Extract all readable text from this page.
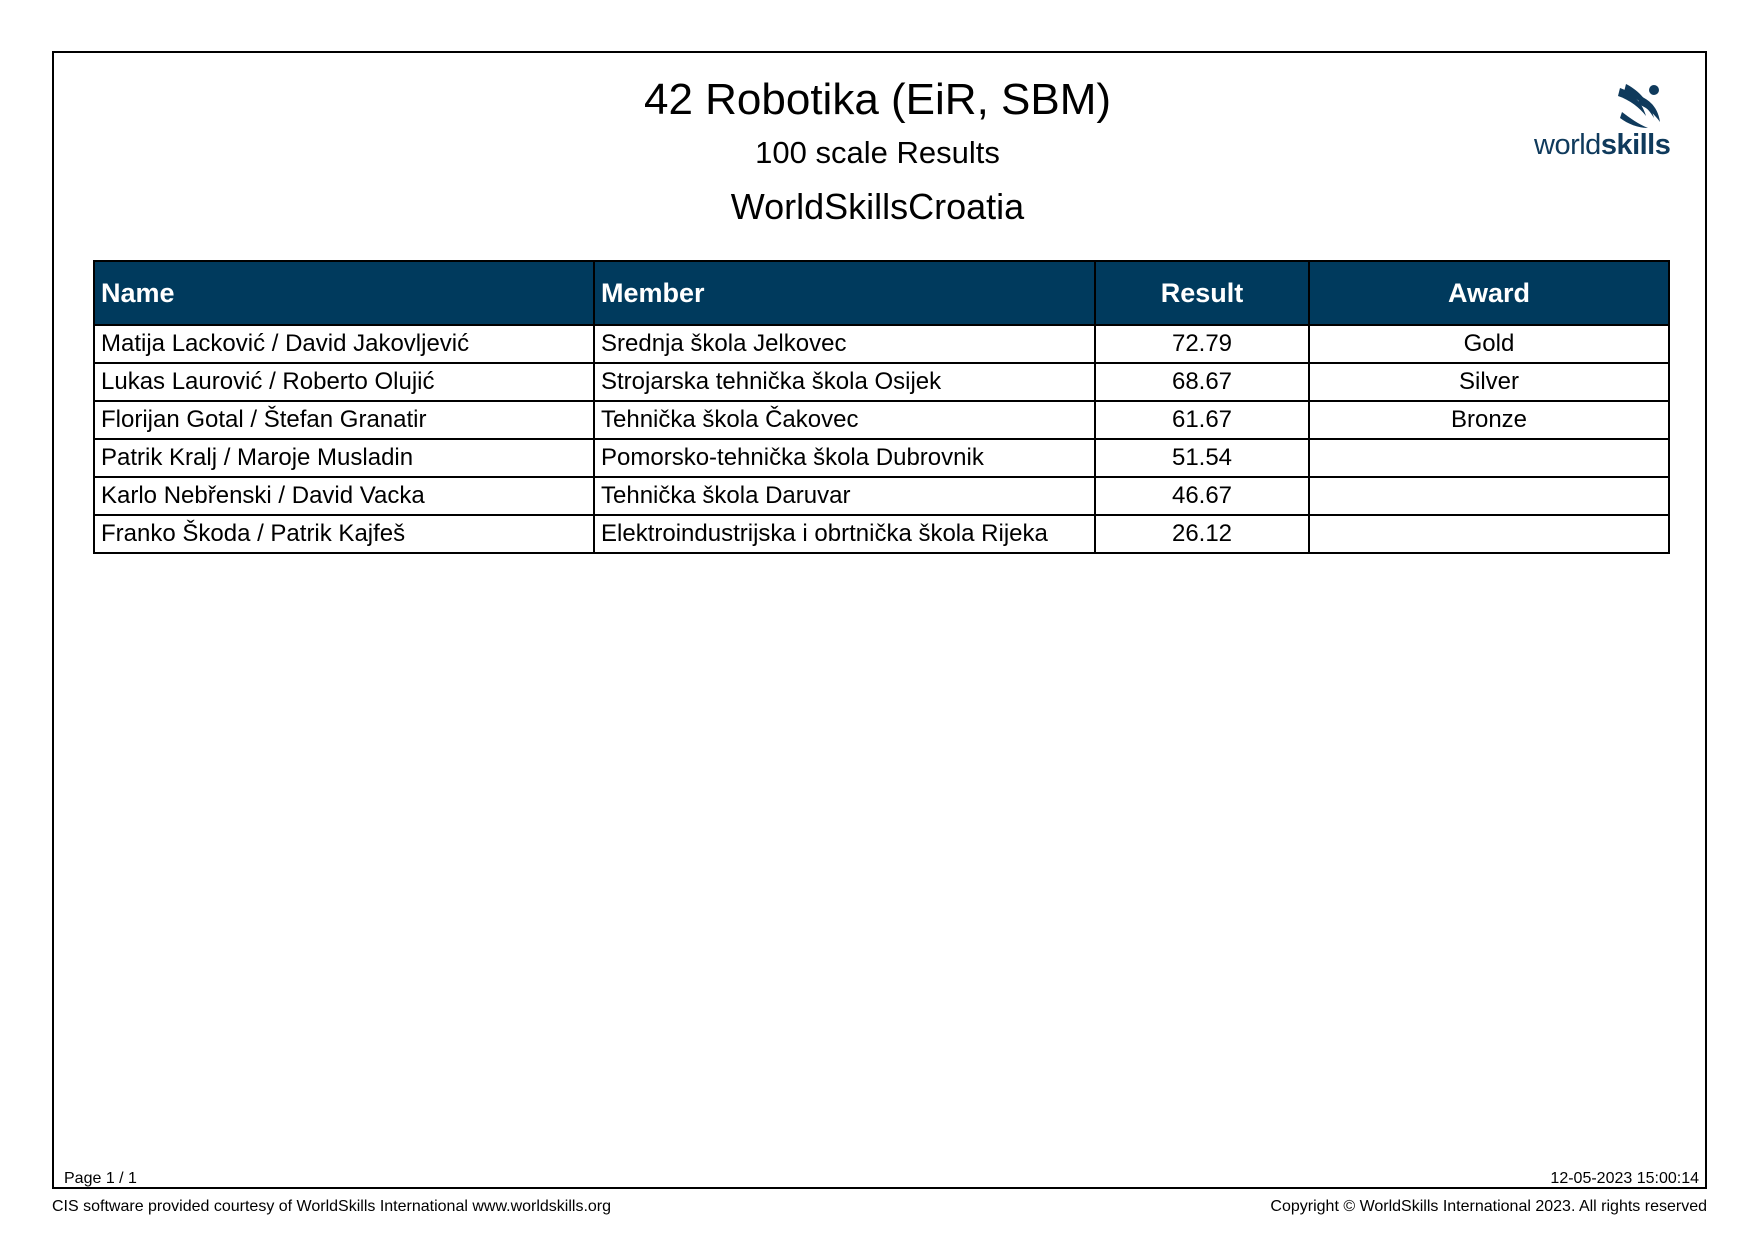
42 Robotika (EiR, SBM)
100 scale Results
WorldSkillsCroatia
worldskills
Name	Member	Result	Award
Matija Lacković / David Jakovljević	Srednja škola Jelkovec	72.79	Gold
Lukas Laurović / Roberto Olujić	Strojarska tehnička škola Osijek	68.67	Silver
Florijan Gotal / Štefan Granatir	Tehnička škola Čakovec	61.67	Bronze
Patrik Kralj / Maroje Musladin	Pomorsko-tehnička škola Dubrovnik	51.54	
Karlo Nebřenski / David Vacka	Tehnička škola Daruvar	46.67	
Franko Škoda / Patrik Kajfeš	Elektroindustrijska i obrtnička škola Rijeka	26.12	
Page 1 / 1	12-05-2023 15:00:14
CIS software provided courtesy of WorldSkills International www.worldskills.org	Copyright © WorldSkills International 2023. All rights reserved
